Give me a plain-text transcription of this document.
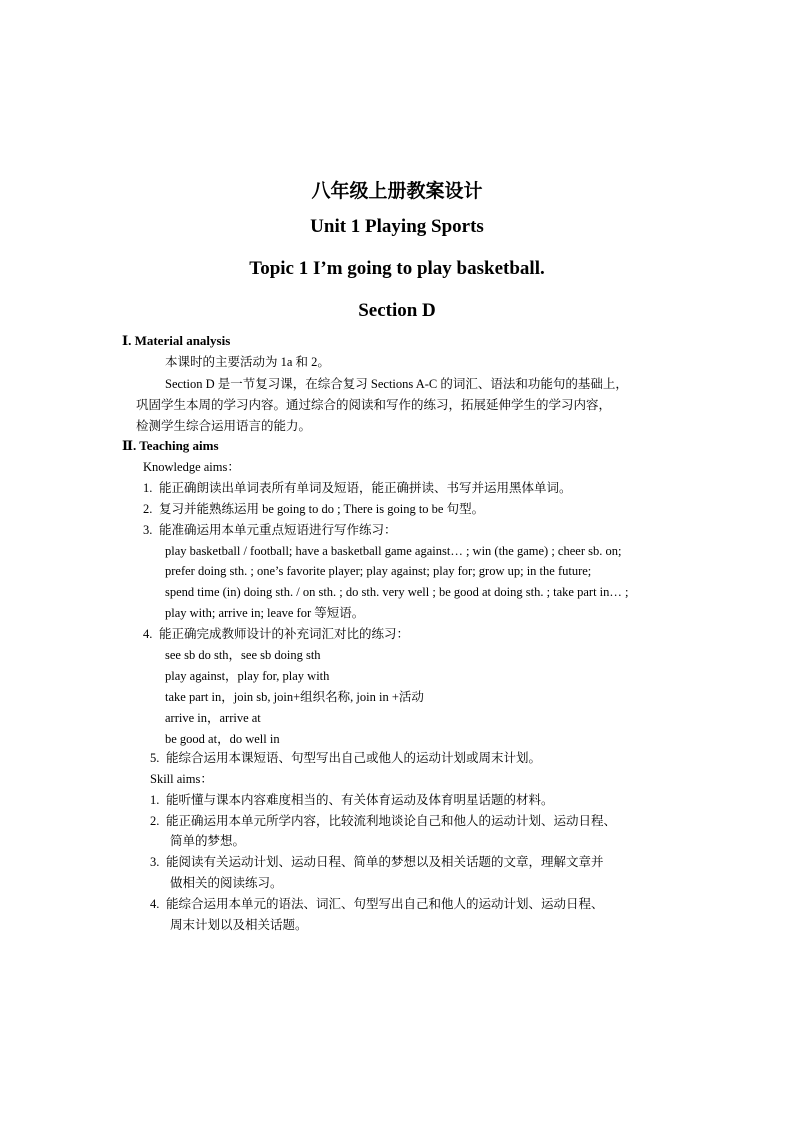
八年级上册教案设计
Unit 1 Playing Sports
Topic 1 I’m going to play basketball.
Section D
Ⅰ. Material analysis
本课时的主要活动为 1a 和 2。
Section D 是一节复习课，在综合复习 Sections A-C 的词汇、语法和功能句的基础上，
巩固学生本周的学习内容。通过综合的阅读和写作的练习，拓展延伸学生的学习内容，
检测学生综合运用语言的能力。
Ⅱ. Teaching aims
Knowledge aims：
1. 能正确朗读出单词表所有单词及短语，能正确拼读、书写并运用黑体单词。
2. 复习并能熟练运用 be going to do ; There is going to be 句型。
3. 能准确运用本单元重点短语进行写作练习：
play basketball / football; have a basketball game against… ; win (the game) ; cheer sb. on;
prefer doing sth. ; one’s favorite player; play against; play for; grow up; in the future;
spend time (in) doing sth. / on sth. ; do sth. very well ; be good at doing sth. ; take part in… ;
play with; arrive in; leave for 等短语。
4. 能正确完成教师设计的补充词汇对比的练习：
see sb do sth，see sb doing sth
play against，play for, play with
take part in，join sb, join+组织名称, join in +活动
arrive in，arrive at
be good at，do well in
5. 能综合运用本课短语、句型写出自己或他人的运动计划或周末计划。
Skill aims：
1. 能听懂与课本内容难度相当的、有关体育运动及体育明星话题的材料。
2. 能正确运用本单元所学内容，比较流利地谈论自己和他人的运动计划、运动日程、
简单的梦想。
3. 能阅读有关运动计划、运动日程、简单的梦想以及相关话题的文章，理解文章并
做相关的阅读练习。
4. 能综合运用本单元的语法、词汇、句型写出自己和他人的运动计划、运动日程、
周末计划以及相关话题。
